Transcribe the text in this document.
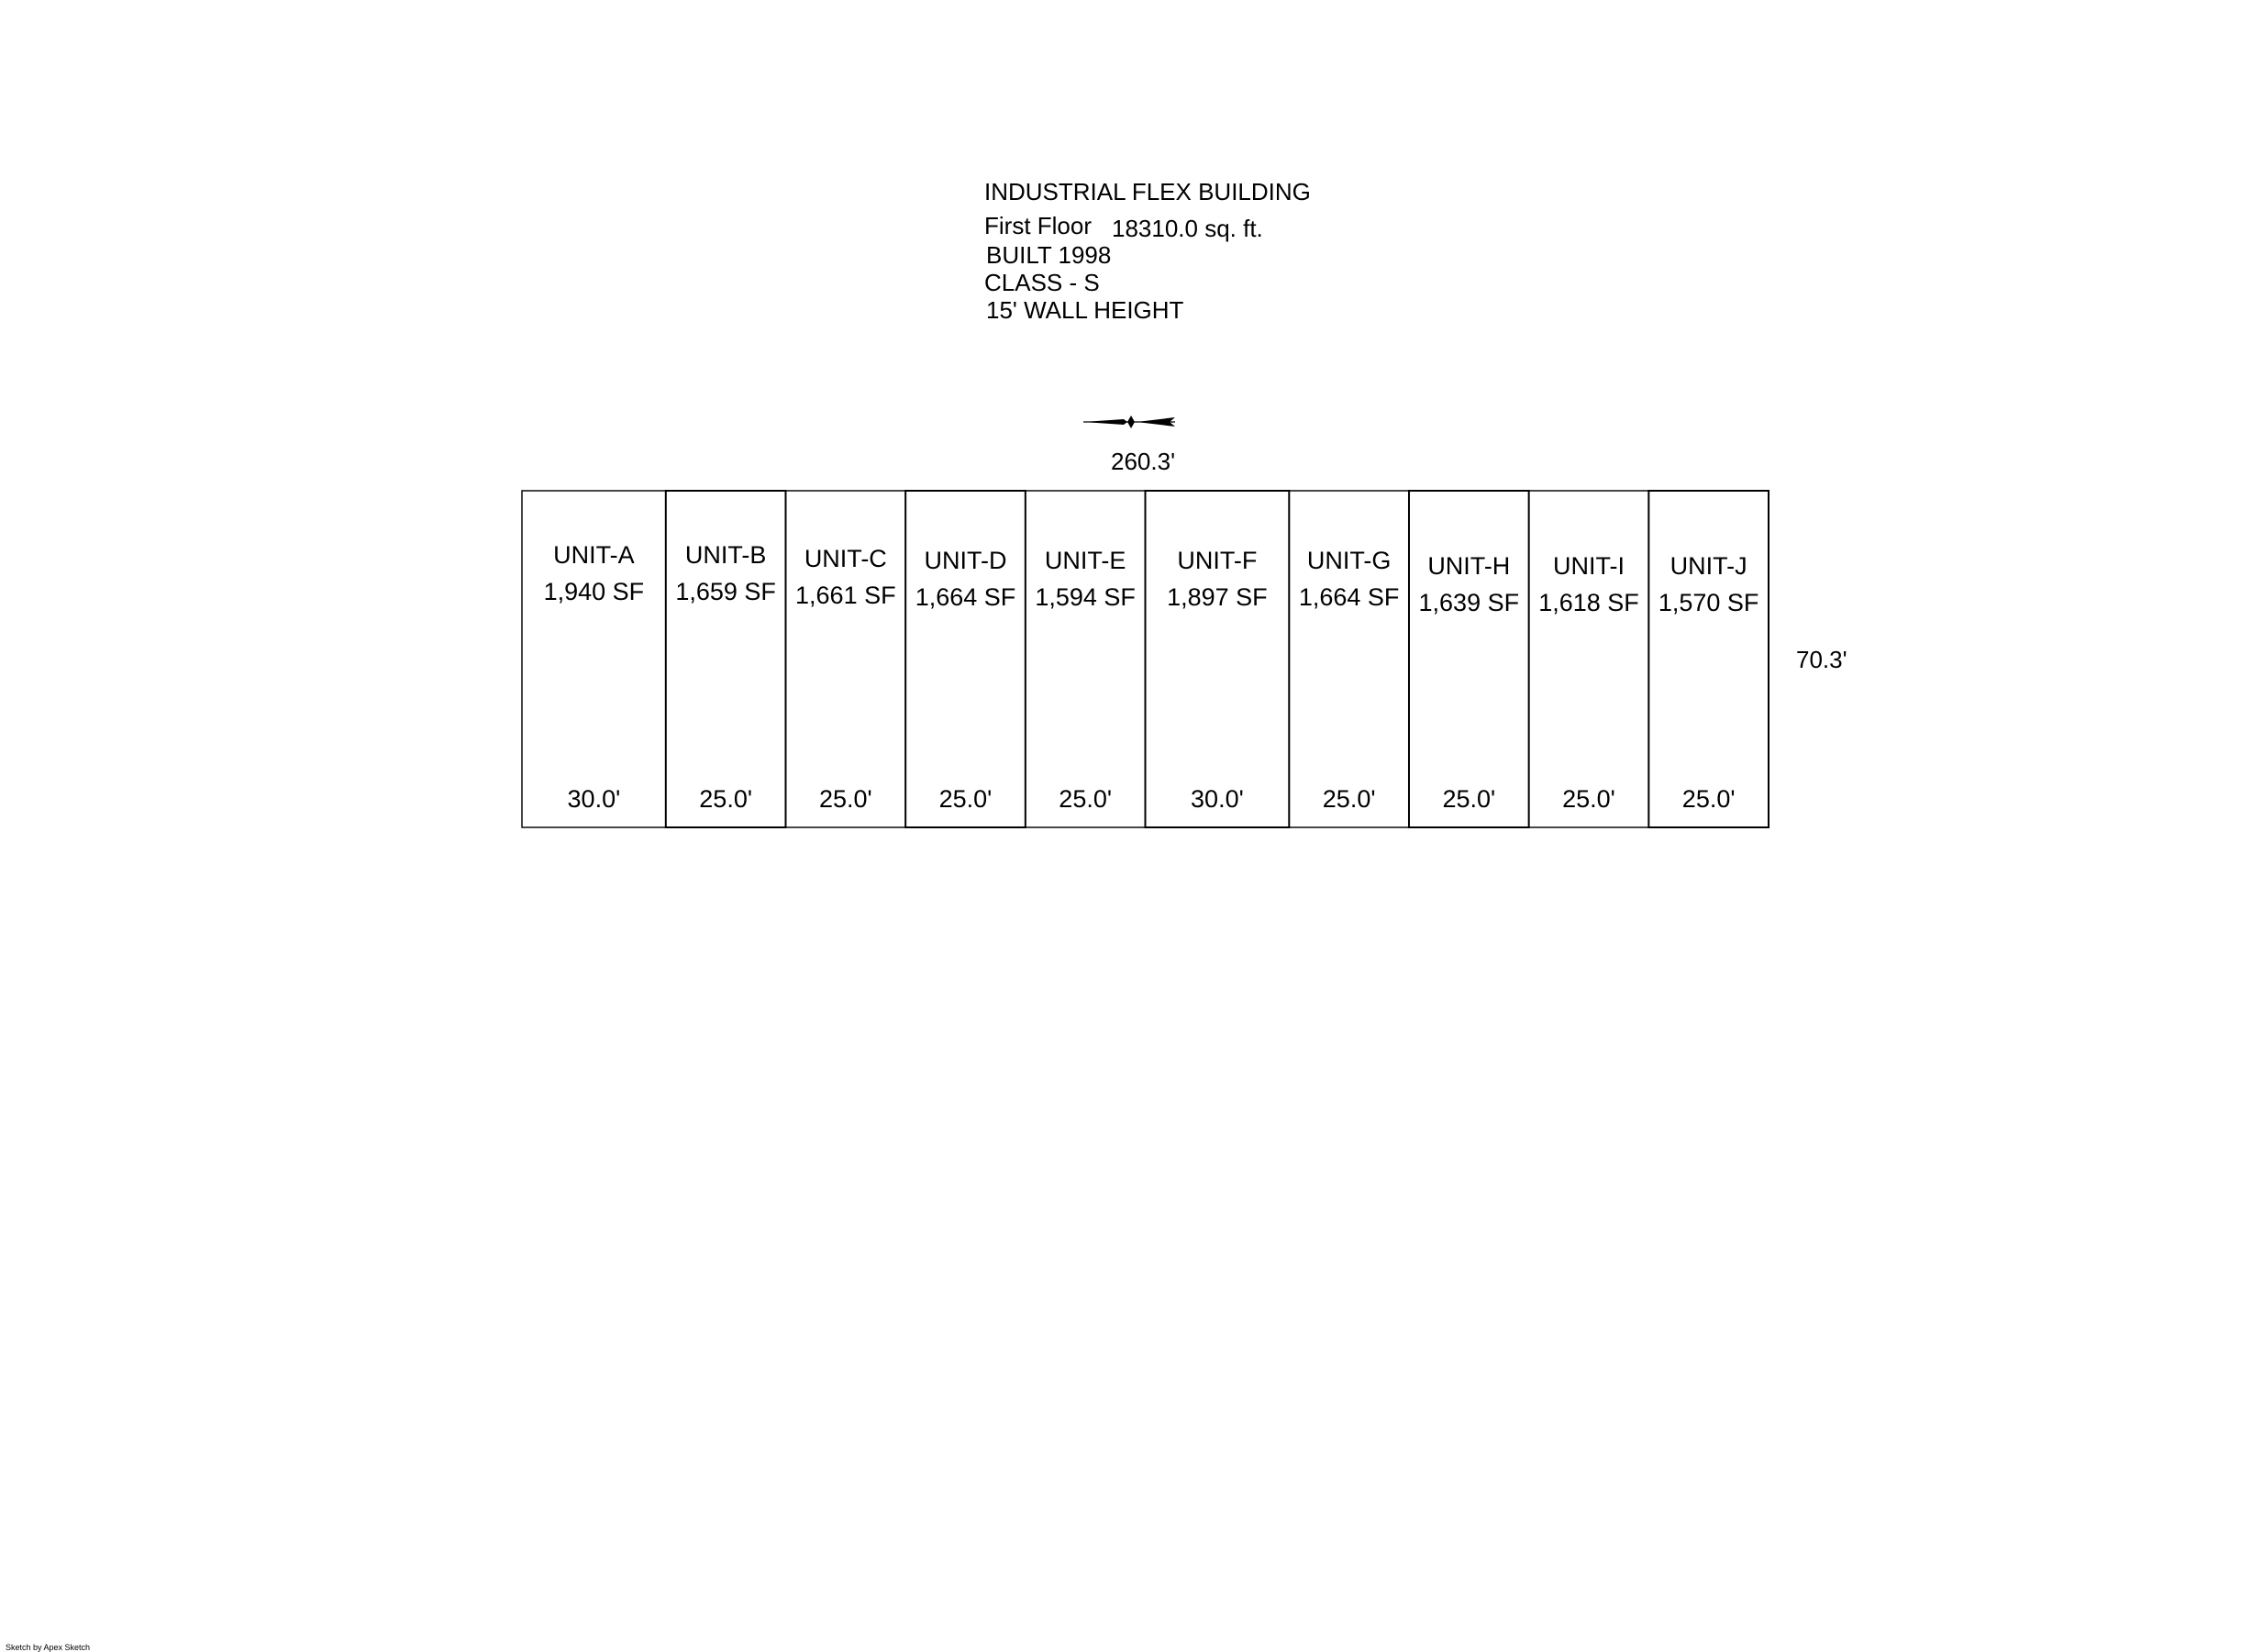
INDUSTRIAL FLEX BUILDING
First Floor 18310.0 sq. ft.
BUILT 1998
CLASS - S
15' WALL HEIGHT
UNIT-A
1,940 SF
30.0'
UNIT-B
1,659 SF
25.0'
UNIT-C
1,661 SF
25.0'
UNIT-D
1,664 SF
25.0'
UNIT-E
1,594 SF
25.0'
UNIT-F
1,897 SF
30.0'
UNIT-G
1,664 SF
25.0'
UNIT-H
1,639 SF
25.0'
UNIT-I
1,618 SF
25.0'
UNIT-J
1,570 SF
25.0'
260.3'
70.3'
Sketch by Apex Sketch
